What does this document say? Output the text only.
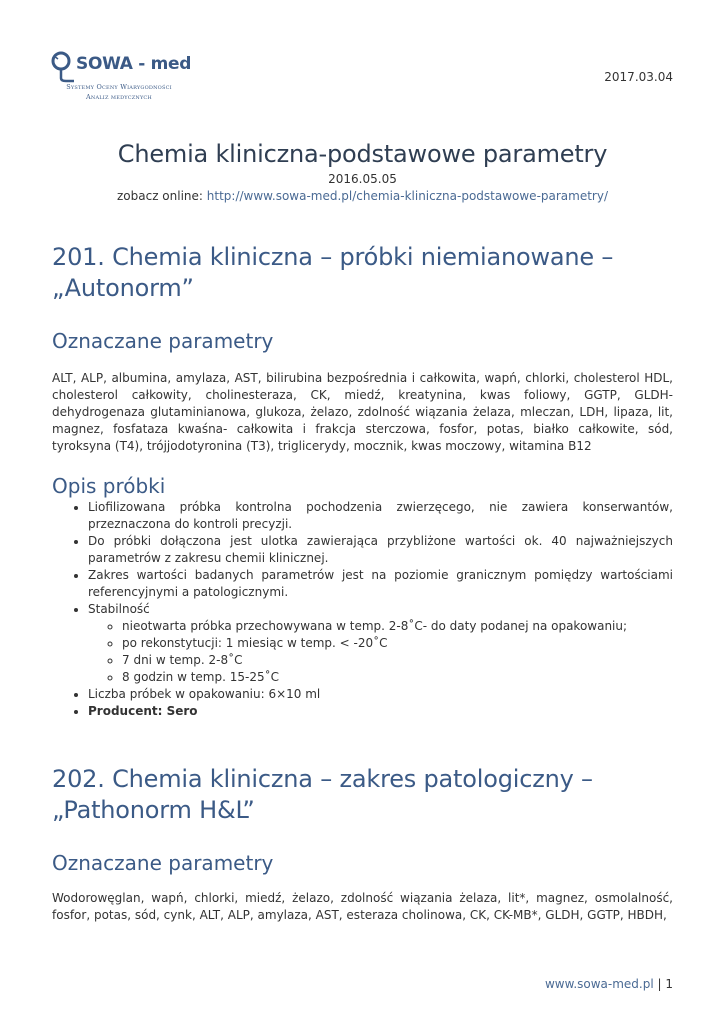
SOWA - med
Systemy Oceny Wiarygodności
Analiz medycznych
2017.03.04
Chemia kliniczna-podstawowe parametry
2016.05.05
zobacz online: http://www.sowa-med.pl/chemia-kliniczna-podstawowe-parametry/
201. Chemia kliniczna – próbki niemianowane – „Autonorm”
Oznaczane parametry

ALT, ALP, albumina, amylaza, AST, bilirubina bezpośrednia i całkowita, wapń, chlorki, cholesterol HDL, cholesterol całkowity, cholinesteraza, CK, miedź, kreatynina, kwas foliowy, GGTP, GLDH-dehydrogenaza glutaminianowa, glukoza, żelazo, zdolność wiązania żelaza, mleczan, LDH, lipaza, lit, magnez, fosfataza kwaśna- całkowita i frakcja sterczowa, fosfor, potas, białko całkowite, sód, tyroksyna (T4), trójjodotyronina (T3), triglicerydy, mocznik, kwas moczowy, witamina B12

Opis próbki
• Liofilizowana próbka kontrolna pochodzenia zwierzęcego, nie zawiera konserwantów, przeznaczona do kontroli precyzji.
• Do próbki dołączona jest ulotka zawierająca przybliżone wartości ok. 40 najważniejszych parametrów z zakresu chemii klinicznej.
• Zakres wartości badanych parametrów jest na poziomie granicznym pomiędzy wartościami referencyjnymi a patologicznymi.
• Stabilność
◦ nieotwarta próbka przechowywana w temp. 2-8˚C- do daty podanej na opakowaniu;
◦ po rekonstytucji: 1 miesiąc w temp. < -20˚C
◦ 7 dni w temp. 2-8˚C
◦ 8 godzin w temp. 15-25˚C
• Liczba próbek w opakowaniu: 6×10 ml
• Producent: Sero
202. Chemia kliniczna – zakres patologiczny – „Pathonorm H&L”
Oznaczane parametry

Wodorowęglan, wapń, chlorki, miedź, żelazo, zdolność wiązania żelaza, lit*, magnez, osmolalność, fosfor, potas, sód, cynk, ALT, ALP, amylaza, AST, esteraza cholinowa, CK, CK-MB*, GLDH, GGTP, HBDH,

www.sowa-med.pl | 1
